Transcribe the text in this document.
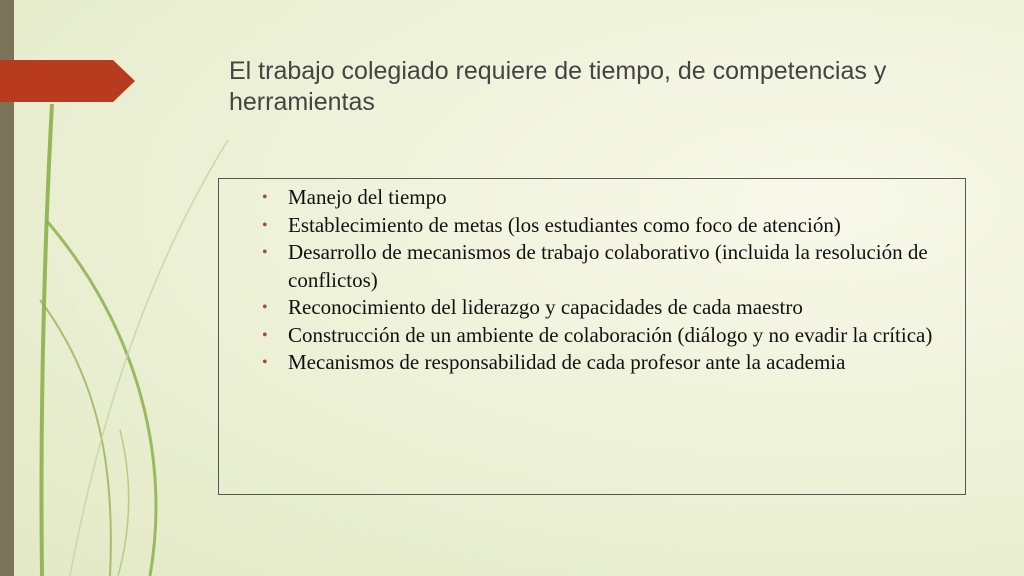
El trabajo colegiado requiere de tiempo, de competencias y herramientas
• Manejo del tiempo
• Establecimiento de metas (los estudiantes como foco de atención)
• Desarrollo de mecanismos de trabajo colaborativo (incluida la resolución de conflictos)
• Reconocimiento del liderazgo y capacidades de cada maestro
• Construcción de un ambiente de colaboración (diálogo y no evadir la crítica)
• Mecanismos de responsabilidad de cada profesor ante la academia
